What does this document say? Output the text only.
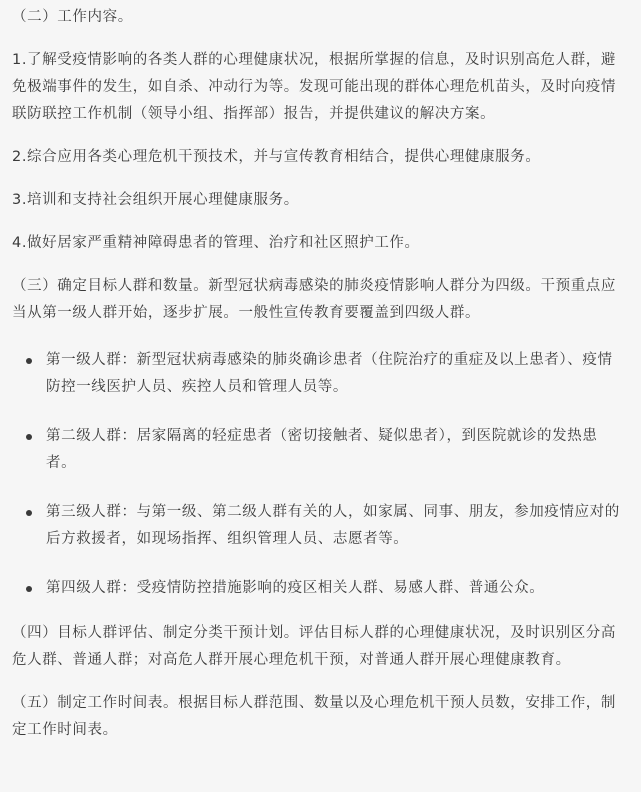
（二）工作内容。

1.了解受疫情影响的各类人群的心理健康状况，根据所掌握的信息，及时识别高危人群，避免极端事件的发生，如自杀、冲动行为等。发现可能出现的群体心理危机苗头，及时向疫情联防联控工作机制（领导小组、指挥部）报告，并提供建议的解决方案。

2.综合应用各类心理危机干预技术，并与宣传教育相结合，提供心理健康服务。

3.培训和支持社会组织开展心理健康服务。

4.做好居家严重精神障碍患者的管理、治疗和社区照护工作。

（三）确定目标人群和数量。新型冠状病毒感染的肺炎疫情影响人群分为四级。干预重点应当从第一级人群开始，逐步扩展。一般性宣传教育要覆盖到四级人群。

第一级人群：新型冠状病毒感染的肺炎确诊患者（住院治疗的重症及以上患者）、疫情防控一线医护人员、疾控人员和管理人员等。
第二级人群：居家隔离的轻症患者（密切接触者、疑似患者），到医院就诊的发热患者。
第三级人群：与第一级、第二级人群有关的人，如家属、同事、朋友，参加疫情应对的后方救援者，如现场指挥、组织管理人员、志愿者等。
第四级人群：受疫情防控措施影响的疫区相关人群、易感人群、普通公众。

（四）目标人群评估、制定分类干预计划。评估目标人群的心理健康状况，及时识别区分高危人群、普通人群；对高危人群开展心理危机干预，对普通人群开展心理健康教育。

（五）制定工作时间表。根据目标人群范围、数量以及心理危机干预人员数，安排工作，制定工作时间表。
